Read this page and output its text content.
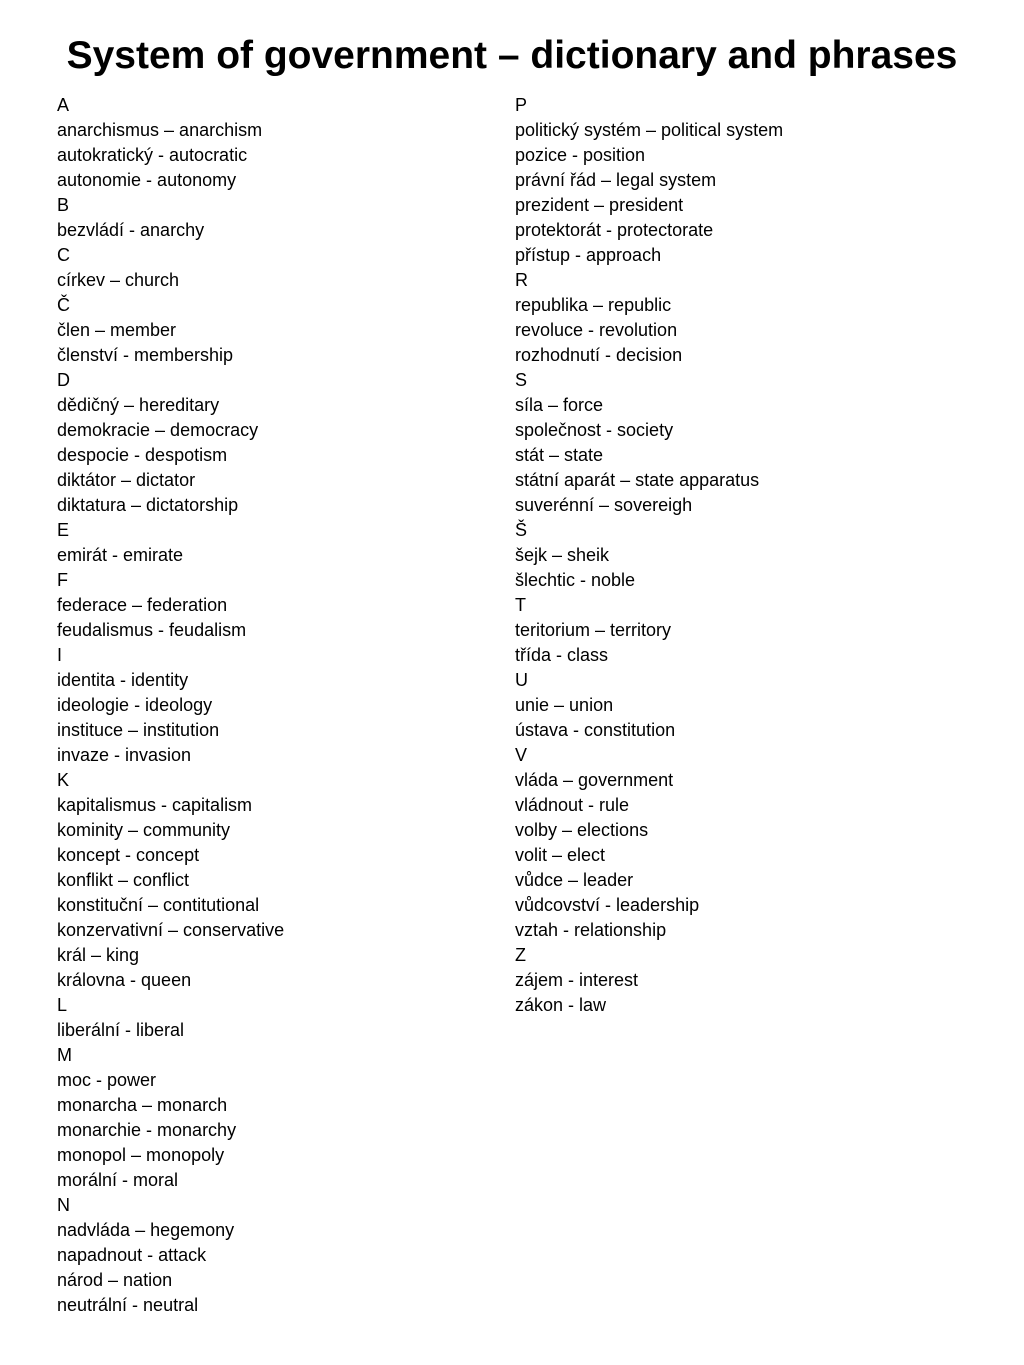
System of government – dictionary and phrases
A
anarchismus – anarchism
autokratický - autocratic
autonomie - autonomy
B
bezvládí - anarchy
C
církev – church
Č
člen – member
členství - membership
D
dědičný – hereditary
demokracie – democracy
despocie - despotism
diktátor – dictator
diktatura – dictatorship
E
emirát - emirate
F
federace – federation
feudalismus - feudalism
I
identita - identity
ideologie - ideology
instituce – institution
invaze - invasion
K
kapitalismus - capitalism
kominity – community
koncept - concept
konflikt – conflict
konstituční – contitutional
konzervativní – conservative
král – king
královna - queen
L
liberální - liberal
M
moc - power
monarcha – monarch
monarchie - monarchy
monopol – monopoly
morální - moral
N
nadvláda – hegemony
napadnout - attack
národ – nation
neutrální - neutral
P
politický systém – political system
pozice - position
právní řád – legal system
prezident – president
protektorát - protectorate
přístup - approach
R
republika – republic
revoluce - revolution
rozhodnutí - decision
S
síla – force
společnost - society
stát – state
státní aparát – state apparatus
suverénní – sovereigh
Š
šejk – sheik
šlechtic - noble
T
teritorium – territory
třída - class
U
unie – union
ústava - constitution
V
vláda – government
vládnout - rule
volby – elections
volit – elect
vůdce – leader
vůdcovství - leadership
vztah - relationship
Z
zájem - interest
zákon - law
